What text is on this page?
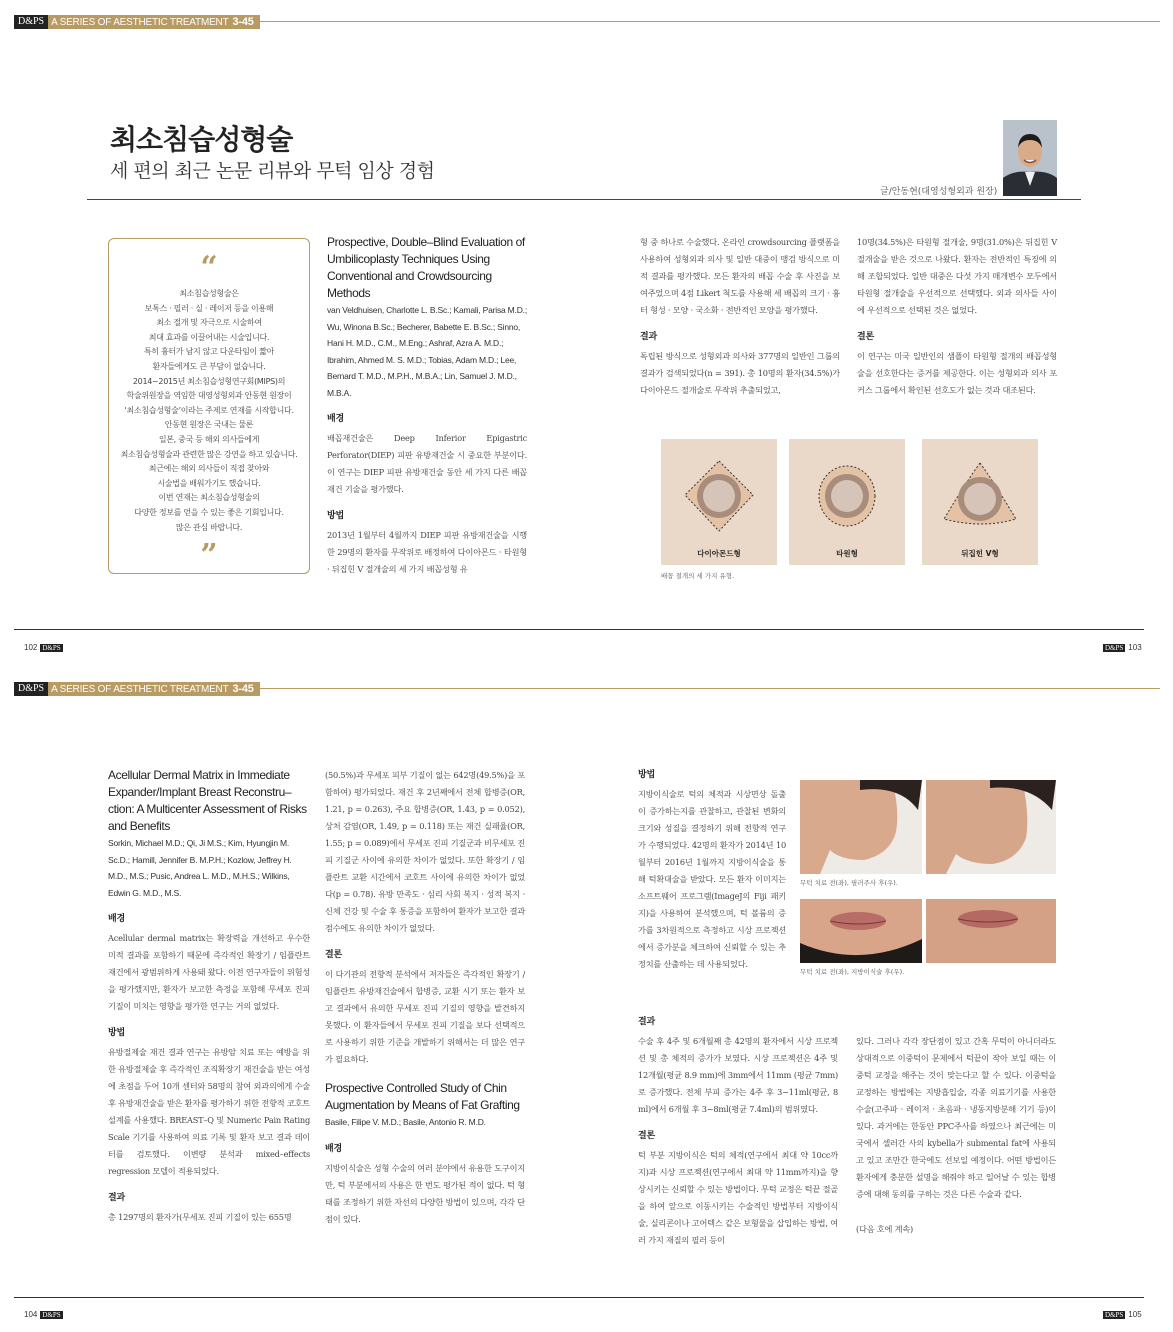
D&PS A SERIES OF AESTHETIC TREATMENT 3-45
최소침습성형술
세 편의 최근 논문 리뷰와 무턱 임상 경험
글/안동현(대영성형외과 원장)
“
최소침습성형술은
보톡스 · 필러 · 실 · 레이저 등을 이용해
최소 절개 및 자극으로 시술하여
최대 효과를 이끌어내는 시술입니다.
특히 흉터가 남지 않고 다운타임이 짧아
환자들에게도 큰 부담이 없습니다.
2014~2015년 최소침습성형연구회(MIPS)의
학술위원장을 역임한 대영성형외과 안동현 원장이
‘최소침습성형술’이라는 주제로 연재를 시작합니다.
안동현 원장은 국내는 물론
일본, 중국 등 해외 의사들에게
최소침습성형술과 관련한 많은 강연을 하고 있습니다.
최근에는 해외 의사들이 직접 찾아와
시술법을 배워가기도 했습니다.
이번 연재는 최소침습성형술의
다양한 정보를 얻을 수 있는 좋은 기회입니다.
많은 관심 바랍니다.
”
Prospective, Double–Blind Evaluation of Umbilicoplasty Techniques Using Conventional and Crowdsourcing Methods
van Veldhuisen, Charlotte L. B.Sc.; Kamali, Parisa M.D.; Wu, Winona B.Sc.; Becherer, Babette E. B.Sc.; Sinno, Hani H. M.D., C.M., M.Eng.; Ashraf, Azra A. M.D.; Ibrahim, Ahmed M. S. M.D.; Tobias, Adam M.D.; Lee, Bernard T. M.D., M.P.H., M.B.A.; Lin, Samuel J. M.D., M.B.A.
배경
배꼽재건술은 Deep Inferior Epigastric Perforator(DIEP) 피판 유방재건술 시 중요한 부분이다. 이 연구는 DIEP 피판 유방재건술 동안 세 가지 다른 배꼽재건 기술을 평가했다.
방법
2013년 1월부터 4월까지 DIEP 피판 유방재건술을 시행한 29명의 환자를 무작위로 배정하여 다이아몬드 · 타원형 · 뒤집힌 V 절개술의 세 가지 배꼽성형 유
형 중 하나로 수술했다. 온라인 crowdsourcing 플랫폼을 사용하여 성형외과 의사 및 일반 대중이 맹검 방식으로 미적 결과를 평가했다. 모든 환자의 배꼽 수술 후 사진을 보여주었으며 4점 Likert 척도를 사용해 세 배꼽의 크기 · 흉터 형성 · 모양 · 국소화 · 전반적인 모양을 평가했다.
결과
독립된 방식으로 성형외과 의사와 377명의 일반인 그룹의 결과가 검색되었다(n = 391). 총 10명의 환자(34.5%)가 다이아몬드 절개술로 무작위 추출되었고,
10명(34.5%)은 타원형 절개술, 9명(31.0%)은 뒤집힌 V 절개술을 받은 것으로 나왔다. 환자는 전반적인 특징에 의해 조합되었다. 일반 대중은 다섯 가지 매개변수 모두에서 타원형 절개술을 우선적으로 선택했다. 외과 의사들 사이에 우선적으로 선택된 것은 없었다.
결론
이 연구는 미국 일반인의 샘플이 타원형 절개의 배꼽성형술을 선호한다는 증거를 제공한다. 이는 성형외과 의사 포커스 그룹에서 확인된 선호도가 없는 것과 대조된다.
다이아몬드형	타원형	뒤집힌 V형
배꼽 절개의 세 가지 유형.
102 D&PS	D&PS 103
D&PS A SERIES OF AESTHETIC TREATMENT 3-45
Acellular Dermal Matrix in Immediate Expander/Implant Breast Reconstru–ction: A Multicenter Assessment of Risks and Benefits
Sorkin, Michael M.D.; Qi, Ji M.S.; Kim, Hyungjin M. Sc.D.; Hamill, Jennifer B. M.P.H.; Kozlow, Jeffrey H. M.D., M.S.; Pusic, Andrea L. M.D., M.H.S.; Wilkins, Edwin G. M.D., M.S.
배경
Acellular dermal matrix는 확장력을 개선하고 우수한 미적 결과를 포함하기 때문에 즉각적인 확장기 / 임플란트 재건에서 광범위하게 사용돼 왔다. 이전 연구자들이 위험성을 평가했지만, 환자가 보고한 측정을 포함해 무세포 진피 기질이 미치는 영향을 평가한 연구는 거의 없었다.
방법
유방절제술 재건 결과 연구는 유방암 치료 또는 예방을 위한 유방절제술 후 즉각적인 조직확장기 재건술을 받는 여성에 초점을 두어 10개 센터와 58명의 참여 외과의에게 수술 후 유방재건술을 받은 환자를 평가하기 위한 전향적 코호트 설계를 사용했다. BREAST–Q 및 Numeric Pain Rating Scale 기기를 사용하여 의료 기록 및 환자 보고 결과 데이터를 검토했다. 이변량 분석과 mixed–effects regression 모델이 적용되었다.
결과
총 1297명의 환자가(무세포 진피 기질이 있는 655명
(50.5%)과 무세포 피부 기질이 없는 642명(49.5%)을 포함하여) 평가되었다. 재건 후 2년째에서 전체 합병증(OR, 1.21, p = 0.263), 주요 합병증(OR, 1.43, p = 0.052), 상처 감염(OR, 1.49, p = 0.118) 또는 재건 실패율(OR, 1.55; p = 0.089)에서 무세포 진피 기질군과 비무세포 진피 기질군 사이에 유의한 차이가 없었다. 또한 확장기 / 임플란트 교환 시간에서 코호트 사이에 유의한 차이가 없었다(p = 0.78). 유방 만족도 · 심리 사회 복지 · 성적 복지 · 신체 건강 및 수술 후 통증을 포함하여 환자가 보고한 결과 점수에도 유의한 차이가 없었다.
결론
이 다기관의 전향적 분석에서 저자들은 즉각적인 확장기 / 임플란트 유방재건술에서 합병증, 교환 시기 또는 환자 보고 결과에서 유의한 무세포 진피 기질의 영향을 발견하지 못했다. 이 환자들에서 무세포 진피 기질을 보다 선택적으로 사용하기 위한 기준을 개발하기 위해서는 더 많은 연구가 필요하다.
Prospective Controlled Study of Chin Augmentation by Means of Fat Grafting
Basile, Filipe V. M.D.; Basile, Antonio R. M.D.
배경
지방이식술은 성형 수술의 여러 분야에서 유용한 도구이지만, 턱 부분에서의 사용은 한 번도 평가된 적이 없다. 턱 형태를 조정하기 위한 자선의 다양한 방법이 있으며, 각각 단점이 있다.
방법
지방이식술로 턱의 체적과 시상면상 돌출이 증가하는지를 관찰하고, 관찰된 변화의 크기와 성질을 결정하기 위해 전향적 연구가 수행되었다. 42명의 환자가 2014년 10월부터 2016년 1월까지 지방이식술을 통해 턱확대술을 받았다. 모든 환자 이미지는 소프트웨어 프로그램(ImageJ의 Fiji 패키지)을 사용하여 분석했으며, 턱 볼륨의 증가를 3차원적으로 측정하고 시상 프로젝션에서 증가분을 체크하여 신뢰할 수 있는 추정치를 산출하는 데 사용되었다.
결과
수술 후 4주 및 6개월째 총 42명의 환자에서 시상 프로젝션 및 총 체적의 증가가 보였다. 시상 프로젝션은 4주 및 12개월(평균 8.9 mm)에 3mm에서 11mm (평균 7mm)로 증가했다. 전체 부피 증가는 4주 후 3~11ml(평균, 8 ml)에서 6개월 후 3~8ml(평균 7.4ml)의 범위였다.
결론
턱 부분 지방이식은 턱의 체적(연구에서 최대 약 10cc까지)과 시상 프로젝션(연구에서 최대 약 11mm까지)을 향상시키는 신뢰할 수 있는 방법이다. 무턱 교정은 턱끝 절골을 하여 앞으로 이동시키는 수술적인 방법부터 지방이식술, 실리콘이나 고어텍스 같은 보형물을 삽입하는 방법, 여러 가지 재질의 필러 등이
무턱 치료 전(좌), 필러주사 후(우).
무턱 치료 전(좌), 지방이식술 후(우).
있다. 그러나 각각 장단점이 있고 간혹 무턱이 아니더라도 상대적으로 이중턱이 문제에서 턱끝이 작아 보일 때는 이중턱 교정을 해주는 것이 맞는다고 할 수 있다. 이중턱을 교정하는 방법에는 지방흡입술, 각종 의료기기를 사용한 수술(고주파 · 레이저 · 초음파 · 냉동지방분해 기기 등)이 있다. 과거에는 한동안 PPC주사를 하였으나 최근에는 미국에서 셀러간 사의 kybella가 submental fat에 사용되고 있고 조만간 한국에도 선보일 예정이다. 어떤 방법이든 환자에게 충분한 설명을 해줘야 하고 일어날 수 있는 합병증에 대해 동의를 구하는 것은 다른 수술과 같다.
(다음 호에 계속)
104 D&PS	D&PS 105
